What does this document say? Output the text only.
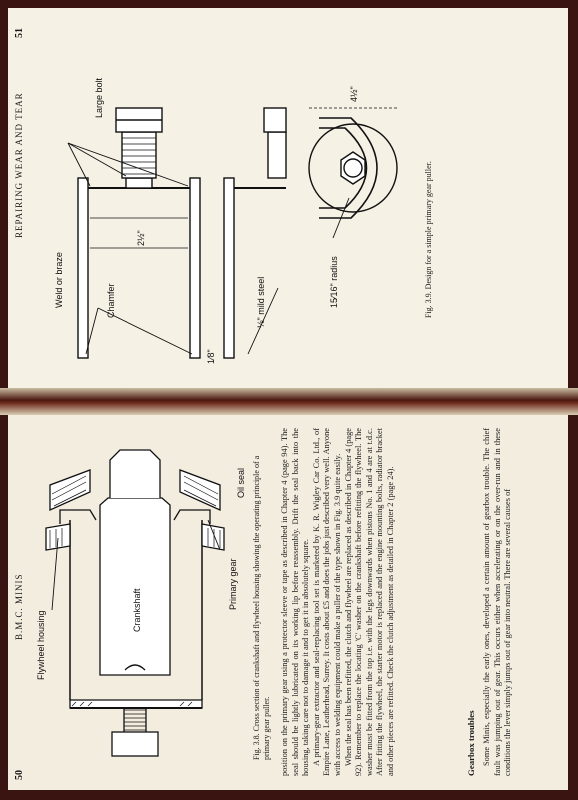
50
B.M.C. MINIS
Flywheel housing
Crankshaft
Primary gear
Oil seal Fig. 3.8. Cross section of crankshaft and flywheel housing showing the operating principle of a primary gear puller. position on the primary gear using a protector sleeve or tape as described in Chapter 4 (page 94). The seal should be lightly lubricated on its working lip before reassembly. Drift the seal back into the housing, taking care not to damage it and to get it in absolutely square. A primary-gear extractor and seal-replacing tool set is marketed by K. R. Wigley Car Co. Ltd., of Empire Lane, Leatherhead, Surrey. It costs about £5 and does the jobs just described very well. Anyone with access to welding equipment could make a puller of the type shown in Fig. 3.9 quite easily. When the seal has been refitted, the clutch and flywheel are replaced as described in Chapter 4 (page 92). Remember to replace the locating 'C' washer on the crankshaft before refitting the flywheel. The washer must be fitted from the top i.e. with the legs downwards when pistons No. 1 and 4 are at t.d.c. After fitting the flywheel, the starter motor is replaced and the engine mounting bolts, radiator bracket and other pieces are refitted. Check the clutch adjustment as detailed in Chapter 2 (page 24).	Gearbox troubles Some Minis, especially the early ones, developed a certain amount of gearbox trouble. The chief fault was jumping out of gear. This occurs either when accelerating or on the over-run and in these conditions the lever simply jumps out of gear into neutral. There are several causes of

REPAIRING WEAR AND TEAR
51
Weld or braze
Large bolt
Chamfer
2½"
1⁄8"
⅛" mild steel	15⁄16" radius
4½"
Fig. 3.9. Design for a simple primary gear puller.
